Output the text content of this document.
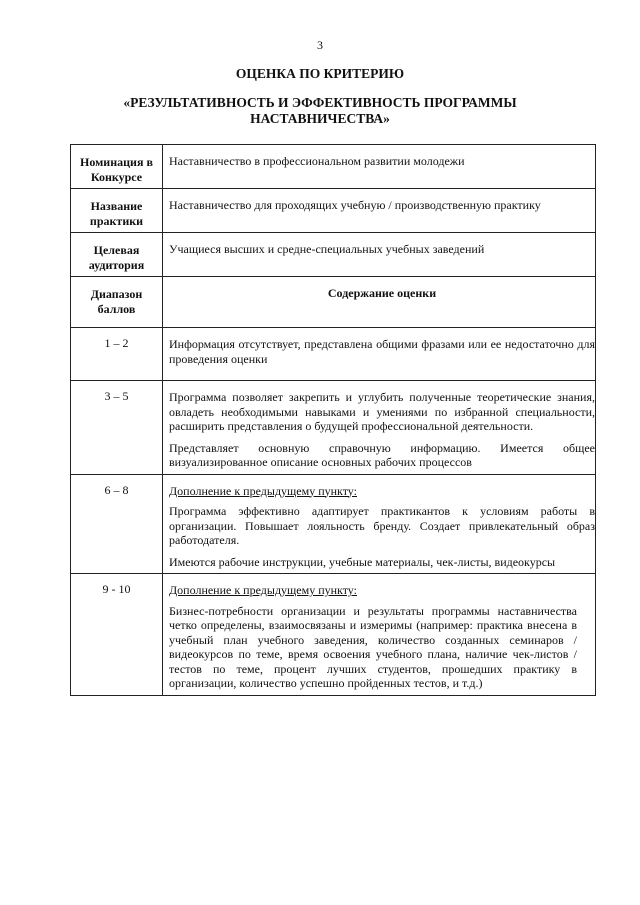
3
ОЦЕНКА ПО КРИТЕРИЮ
«РЕЗУЛЬТАТИВНОСТЬ И ЭФФЕКТИВНОСТЬ ПРОГРАММЫ
НАСТАВНИЧЕСТВА»
Номинация в
Конкурсе	Наставничество в профессиональном развитии молодежи

Название
практики	Наставничество для проходящих учебную / производственную практику

Целевая
аудитория	Учащиеся высших и средне-специальных учебных заведений

Диапазон
баллов	Содержание оценки
1 – 2	Информация отсутствует, представлена общими фразами или ее недостаточно для проведения оценки

3 – 5	Программа позволяет закрепить и углубить полученные теоретические знания, овладеть необходимыми навыками и умениями по избранной специальности, расширить представления о будущей профессиональной деятельности.

Представляет основную справочную информацию. Имеется общее визуализированное описание основных рабочих процессов

6 – 8	Дополнение к предыдущему пункту:

Программа эффективно адаптирует практикантов к условиям работы в организации. Повышает лояльность бренду. Создает привлекательный образ работодателя.

Имеются рабочие инструкции, учебные материалы, чек-листы, видеокурсы

9 - 10	Дополнение к предыдущему пункту:

Бизнес-потребности организации и результаты программы наставничества четко определены, взаимосвязаны и измеримы (например: практика внесена в учебный план учебного заведения, количество созданных семинаров / видеокурсов по теме, время освоения учебного плана, наличие чек-листов / тестов по теме, процент лучших студентов, прошедших практику в организации, количество успешно пройденных тестов, и т.д.)
